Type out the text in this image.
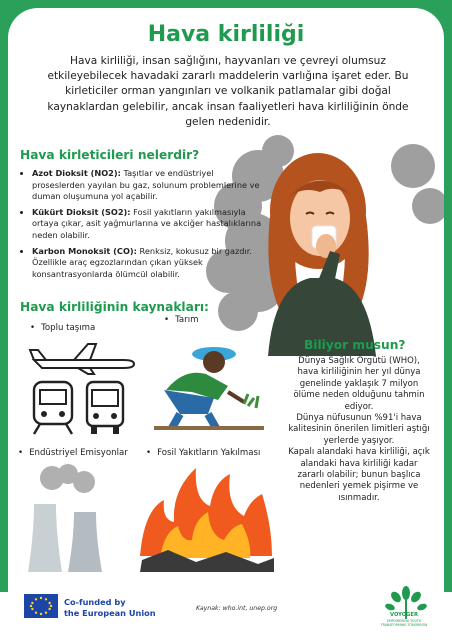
Hava kirliliği

Hava kirliliği, insan sağlığını, hayvanları ve çevreyi olumsuz etkileyebilecek havadaki zararlı maddelerin varlığına işaret eder. Bu kirleticiler orman yangınları ve volkanik patlamalar gibi doğal kaynaklardan gelebilir, ancak insan faaliyetleri hava kirliliğinin önde gelen nedenidir.

Hava kirleticileri nelerdir?
• Azot Dioksit (NO2): Taşıtlar ve endüstriyel proseslerden yayılan bu gaz, solunum problemlerine ve duman oluşumuna yol açabilir.
• Kükürt Dioksit (SO2): Fosil yakıtların yakılmasıyla ortaya çıkar, asit yağmurlarına ve akciğer hastalıklarına neden olabilir.
• Karbon Monoksit (CO): Renksiz, kokusuz bir gazdır. Özellikle araç egzozlarından çıkan yüksek konsantrasyonlarda ölümcül olabilir.
Hava kirliliğinin kaynakları:
• Toplu taşıma
• Tarım
• Endüstriyel Emisyonlar
•	Fosil Yakıtların Yakılması
Biliyor musun?

Dünya Sağlık Örgütü (WHO), hava kirliliğinin her yıl dünya genelinde yaklaşık 7 milyon ölüme neden olduğunu tahmin ediyor.

Dünya nüfusunun %91'i hava kalitesinin önerilen limitleri aştığı yerlerde yaşıyor.

Kapalı alandaki hava kirliliği, açık alandaki hava kirliliği kadar zararlı olabilir; bunun başlıca nedenleri yemek pişirme ve ısınmadır.

Co-funded by
the European Union	Kaynak: who.int, unep.org
VOYOGER
EMPOWERING YOUTH TRANSFORMING TOMORROW
